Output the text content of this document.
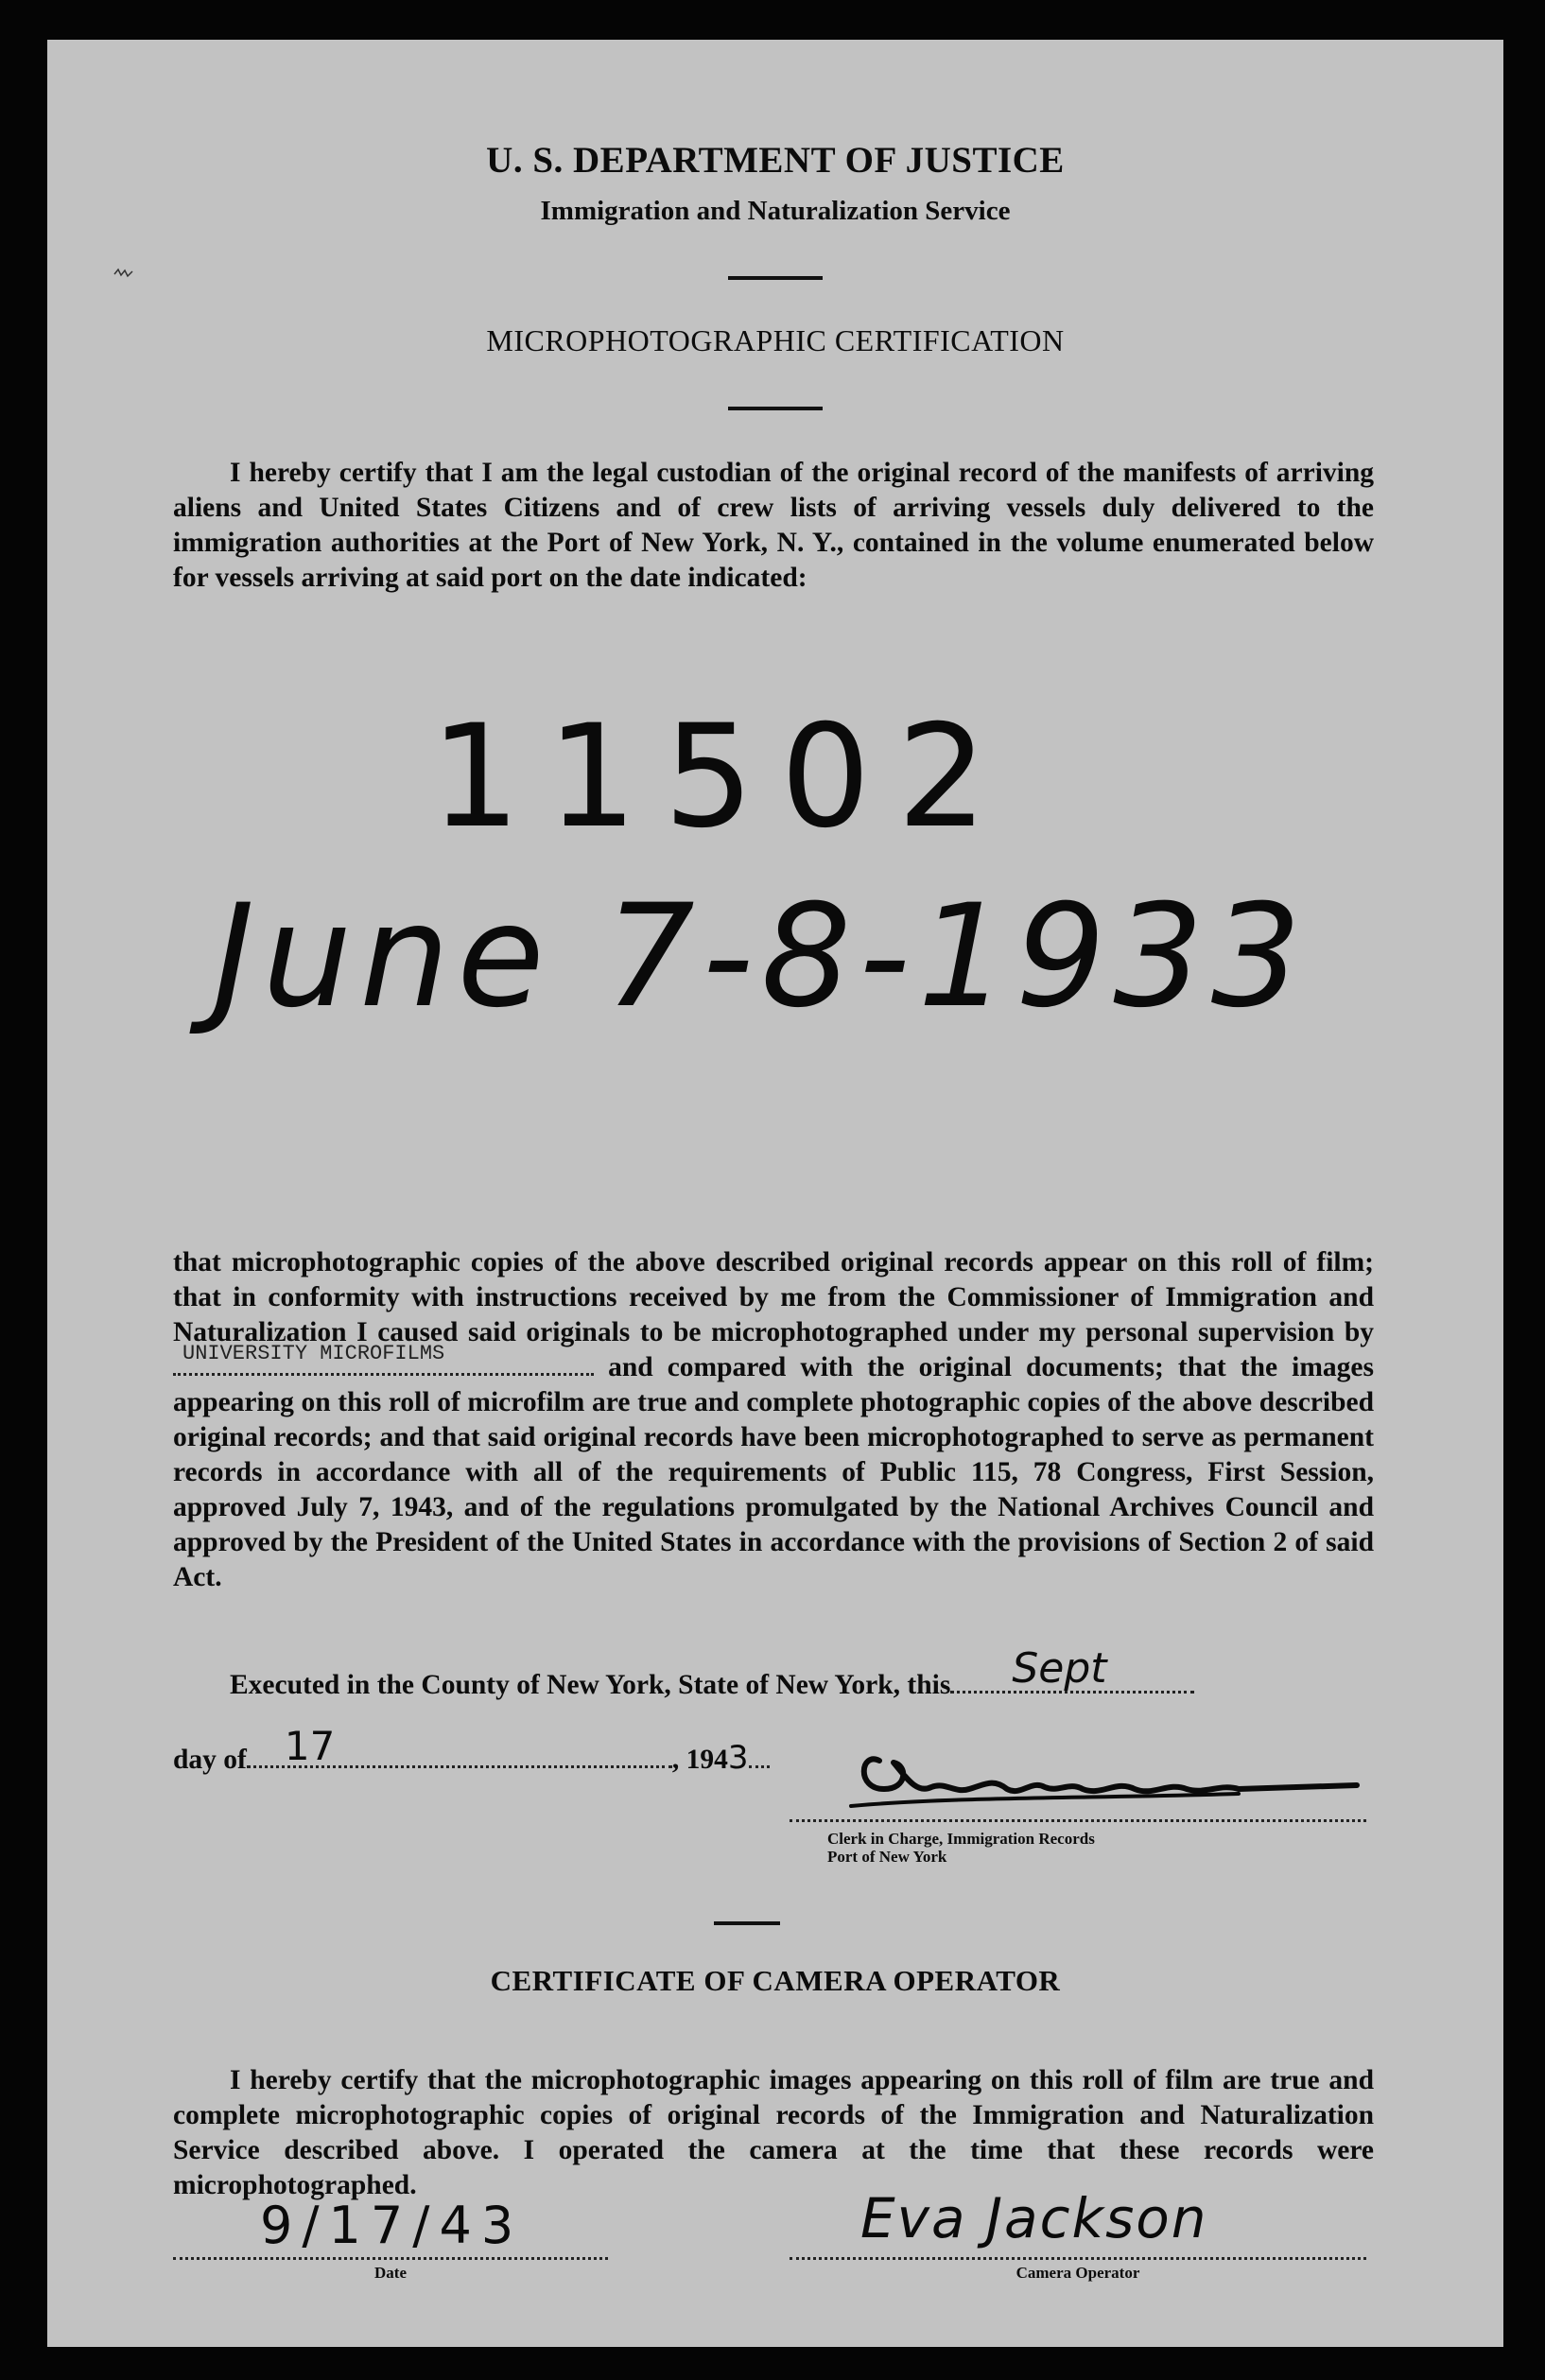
U. S. DEPARTMENT OF JUSTICE
Immigration and Naturalization Service
MICROPHOTOGRAPHIC CERTIFICATION
I hereby certify that I am the legal custodian of the original record of the manifests of arriving aliens and United States Citizens and of crew lists of arriving vessels duly delivered to the immigration authorities at the Port of New York, N. Y., contained in the volume enumerated below for vessels arriving at said port on the date indicated:
11502
June 7-8-1933
that microphotographic copies of the above described original records appear on this roll of film; that in conformity with instructions received by me from the Commissioner of Immigration and Naturalization I caused said originals to be microphotographed under my personal supervision by
UNIVERSITY MICROFILMS	and compared with the original documents; that the images appearing on this roll of microfilm are true and complete photographic copies of the above described original records; and that said original records have been microphotographed to serve as permanent records in accordance with all of the requirements of Public 115, 78 Congress, First Session, approved July 7, 1943, and of the regulations promulgated by the National Archives Council and approved by the President of the United States in accordance with the provisions of Section 2 of said Act.
Executed in the County of New York, State of New York, this Sept
day of 17	, 1943
Clerk in Charge, Immigration Records
Port of New York
CERTIFICATE OF CAMERA OPERATOR
I hereby certify that the microphotographic images appearing on this roll of film are true and complete microphotographic copies of original records of the Immigration and Naturalization Service described above. I operated the camera at the time that these records were microphotographed.
9/17/43
Date
Eva Jackson
Camera Operator
